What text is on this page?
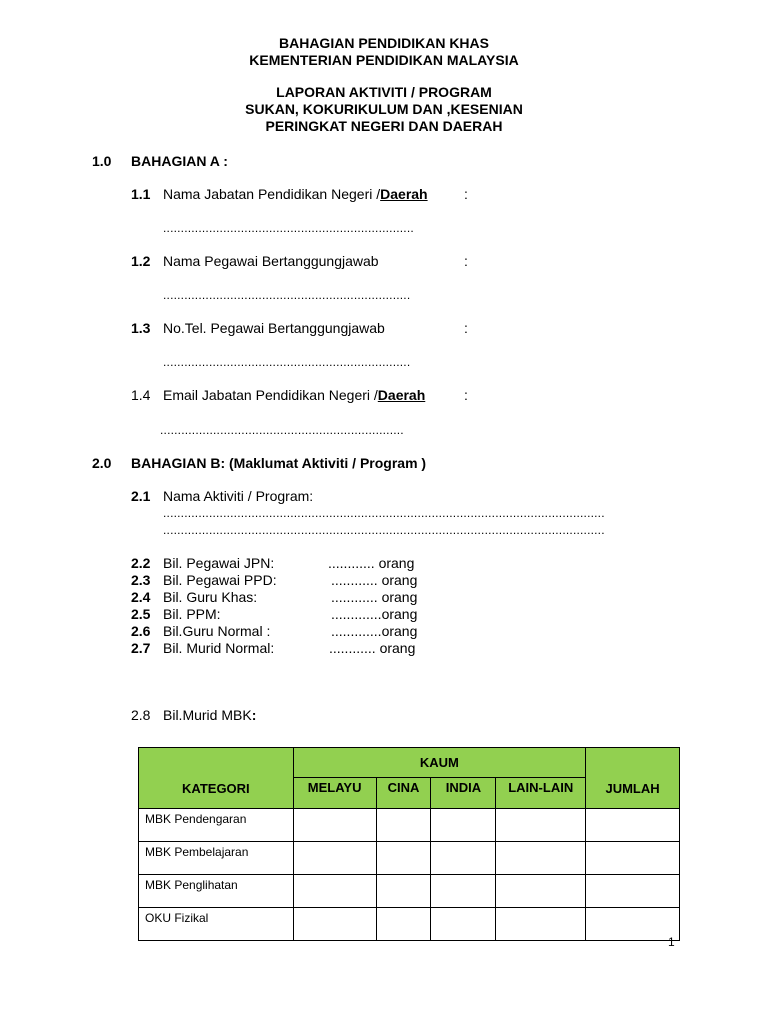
BAHAGIAN PENDIDIKAN KHAS
KEMENTERIAN PENDIDIKAN MALAYSIA
LAPORAN AKTIVITI / PROGRAM
SUKAN, KOKURIKULUM DAN ,KESENIAN
PERINGKAT NEGERI DAN DAERAH
1.0 BAHAGIAN A :
1.1 Nama Jabatan Pendidikan Negeri /Daerah	:
.......................................................................
1.2 Nama Pegawai Bertanggungjawab	:
......................................................................
1.3 No.Tel. Pegawai Bertanggungjawab	:
......................................................................
1.4 Email Jabatan Pendidikan Negeri /Daerah	:
.....................................................................
2.0 BAHAGIAN B: (Maklumat Aktiviti / Program )
2.1 Nama Aktiviti / Program:
.............................................................................................................................
.............................................................................................................................
2.2 Bil. Pegawai JPN:	............ orang
2.3 Bil. Pegawai PPD:	............ orang
2.4 Bil. Guru Khas:	............ orang
2.5 Bil. PPM:	.............orang
2.6 Bil.Guru Normal :	.............orang
2.7 Bil. Murid Normal:	............ orang
2.8 Bil.Murid MBK:
KATEGORI	KAUM				JUMLAH
	MELAYU	CINA	INDIA	LAIN-LAIN	
MBK Pendengaran					
MBK Pembelajaran					
MBK Penglihatan					
OKU Fizikal					
1
